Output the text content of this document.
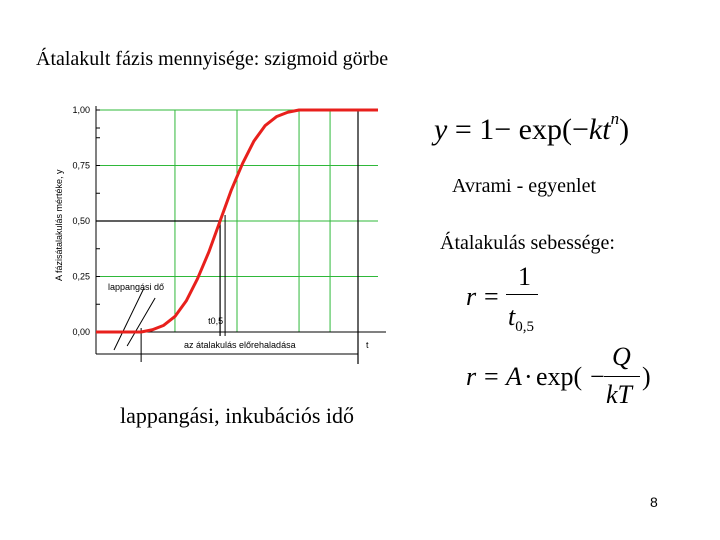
Átalakult fázis mennyisége: szigmoid görbe
0,00
0,25
0,50
0,75
1,00
A fázisátalakulás mértéke, y
lappangási dő
t0,5
az átalakulás előrehaladása	t
$y = 1- \exp(-kt^n)$
Avrami - egyenlet
Átalakulás sebessége:
r =
1
$t_{0,5}$
r = A · exp( −
Q
kT
)
lappangási, inkubációs idő
8
